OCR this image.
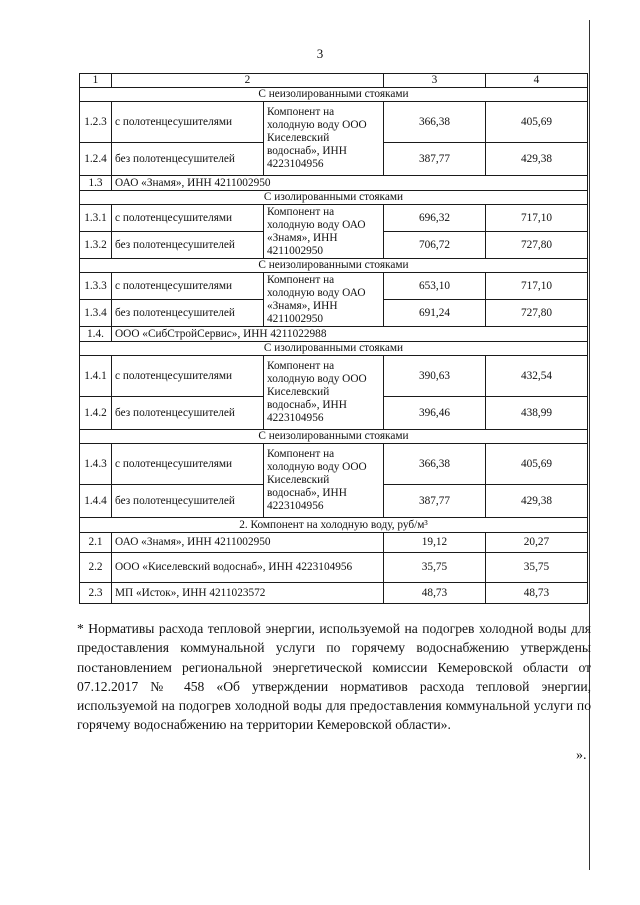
3
1	2		3	4
С неизолированными стояками				
1.2.3	с полотенцесушителями	Компонент на холодную воду ООО Киселевский водоснаб», ИНН 4223104956	366,38	405,69
1.2.4	без полотенцесушителей		387,77	429,38
1.3	ОАО «Знамя», ИНН 4211002950			
С изолированными стояками				
1.3.1	с полотенцесушителями	Компонент на холодную воду ОАО «Знамя», ИНН 4211002950	696,32	717,10
1.3.2	без полотенцесушителей		706,72	727,80
С неизолированными стояками				
1.3.3	с полотенцесушителями	Компонент на холодную воду ОАО «Знамя», ИНН 4211002950	653,10	717,10
1.3.4	без полотенцесушителей		691,24	727,80
1.4.	ООО «СибСтройСервис», ИНН 4211022988			
С изолированными стояками				
1.4.1	с полотенцесушителями	Компонент на холодную воду ООО Киселевский водоснаб», ИНН 4223104956	390,63	432,54
1.4.2	без полотенцесушителей		396,46	438,99
С неизолированными стояками				
1.4.3	с полотенцесушителями	Компонент на холодную воду ООО Киселевский водоснаб», ИНН 4223104956	366,38	405,69
1.4.4	без полотенцесушителей		387,77	429,38
2. Компонент на холодную воду, руб/м³				
2.1	ОАО «Знамя», ИНН 4211002950		19,12	20,27
2.2	ООО «Киселевский водоснаб», ИНН 4223104956		35,75	35,75
2.3	МП «Исток», ИНН 4211023572		48,73	48,73

* Нормативы расхода тепловой энергии, используемой на подогрев холодной воды для предоставления коммунальной услуги по горячему водоснабжению утверждены постановлением региональной энергетической комиссии Кемеровской области от 07.12.2017 № 458 «Об утверждении нормативов расхода тепловой энергии, используемой на подогрев холодной воды для предоставления коммунальной услуги по горячему водоснабжению на территории Кемеровской области».

».
